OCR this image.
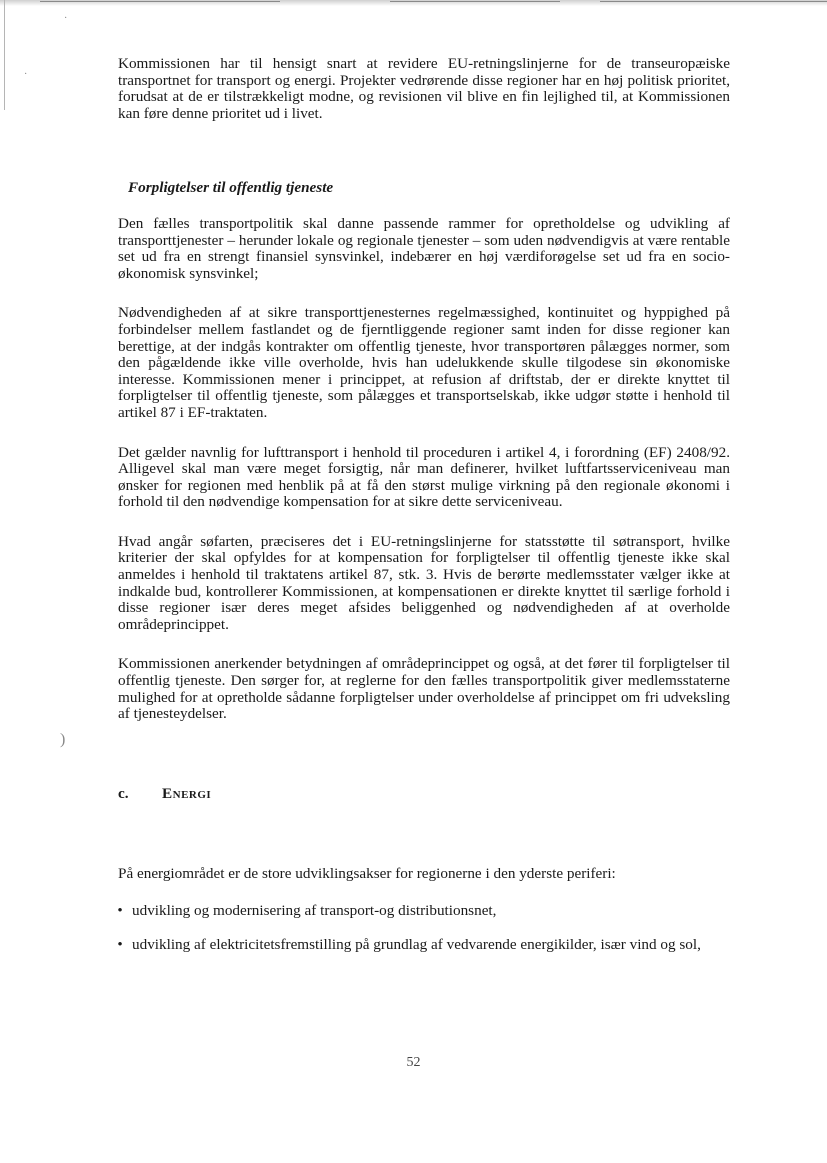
·
·
)

Kommissionen har til hensigt snart at revidere EU-retningslinjerne for de transeuropæiske transportnet for transport og energi. Projekter vedrørende disse regioner har en høj politisk prioritet, forudsat at de er tilstrækkeligt modne, og revisionen vil blive en fin lejlighed til, at Kommissionen kan føre denne prioritet ud i livet.

Forpligtelser til offentlig tjeneste

Den fælles transportpolitik skal danne passende rammer for opretholdelse og udvikling af transporttjenester – herunder lokale og regionale tjenester – som uden nødvendigvis at være rentable set ud fra en strengt finansiel synsvinkel, indebærer en høj værdiforøgelse set ud fra en socio-økonomisk synsvinkel;

Nødvendigheden af at sikre transporttjenesternes regelmæssighed, kontinuitet og hyppighed på forbindelser mellem fastlandet og de fjerntliggende regioner samt inden for disse regioner kan berettige, at der indgås kontrakter om offentlig tjeneste, hvor transportøren pålægges normer, som den pågældende ikke ville overholde, hvis han udelukkende skulle tilgodese sin økonomiske interesse. Kommissionen mener i princippet, at refusion af driftstab, der er direkte knyttet til forpligtelser til offentlig tjeneste, som pålægges et transportselskab, ikke udgør støtte i henhold til artikel 87 i EF-traktaten.

Det gælder navnlig for lufttransport i henhold til proceduren i artikel 4, i forordning (EF) 2408/92. Alligevel skal man være meget forsigtig, når man definerer, hvilket luftfartsserviceniveau man ønsker for regionen med henblik på at få den størst mulige virkning på den regionale økonomi i forhold til den nødvendige kompensation for at sikre dette serviceniveau.

Hvad angår søfarten, præciseres det i EU-retningslinjerne for statsstøtte til søtransport, hvilke kriterier der skal opfyldes for at kompensation for forpligtelser til offentlig tjeneste ikke skal anmeldes i henhold til traktatens artikel 87, stk. 3. Hvis de berørte medlemsstater vælger ikke at indkalde bud, kontrollerer Kommissionen, at kompensationen er direkte knyttet til særlige forhold i disse regioner især deres meget afsides beliggenhed og nødvendigheden af at overholde områdeprincippet.

Kommissionen anerkender betydningen af områdeprincippet og også, at det fører til forpligtelser til offentlig tjeneste. Den sørger for, at reglerne for den fælles transportpolitik giver medlemsstaterne mulighed for at opretholde sådanne forpligtelser under overholdelse af princippet om fri udveksling af tjenesteydelser.

c. Energi

På energiområdet er de store udviklingsakser for regionerne i den yderste periferi:

• udvikling og modernisering af transport-og distributionsnet,
• udvikling af elektricitetsfremstilling på grundlag af vedvarende energikilder, især vind og sol,
52
